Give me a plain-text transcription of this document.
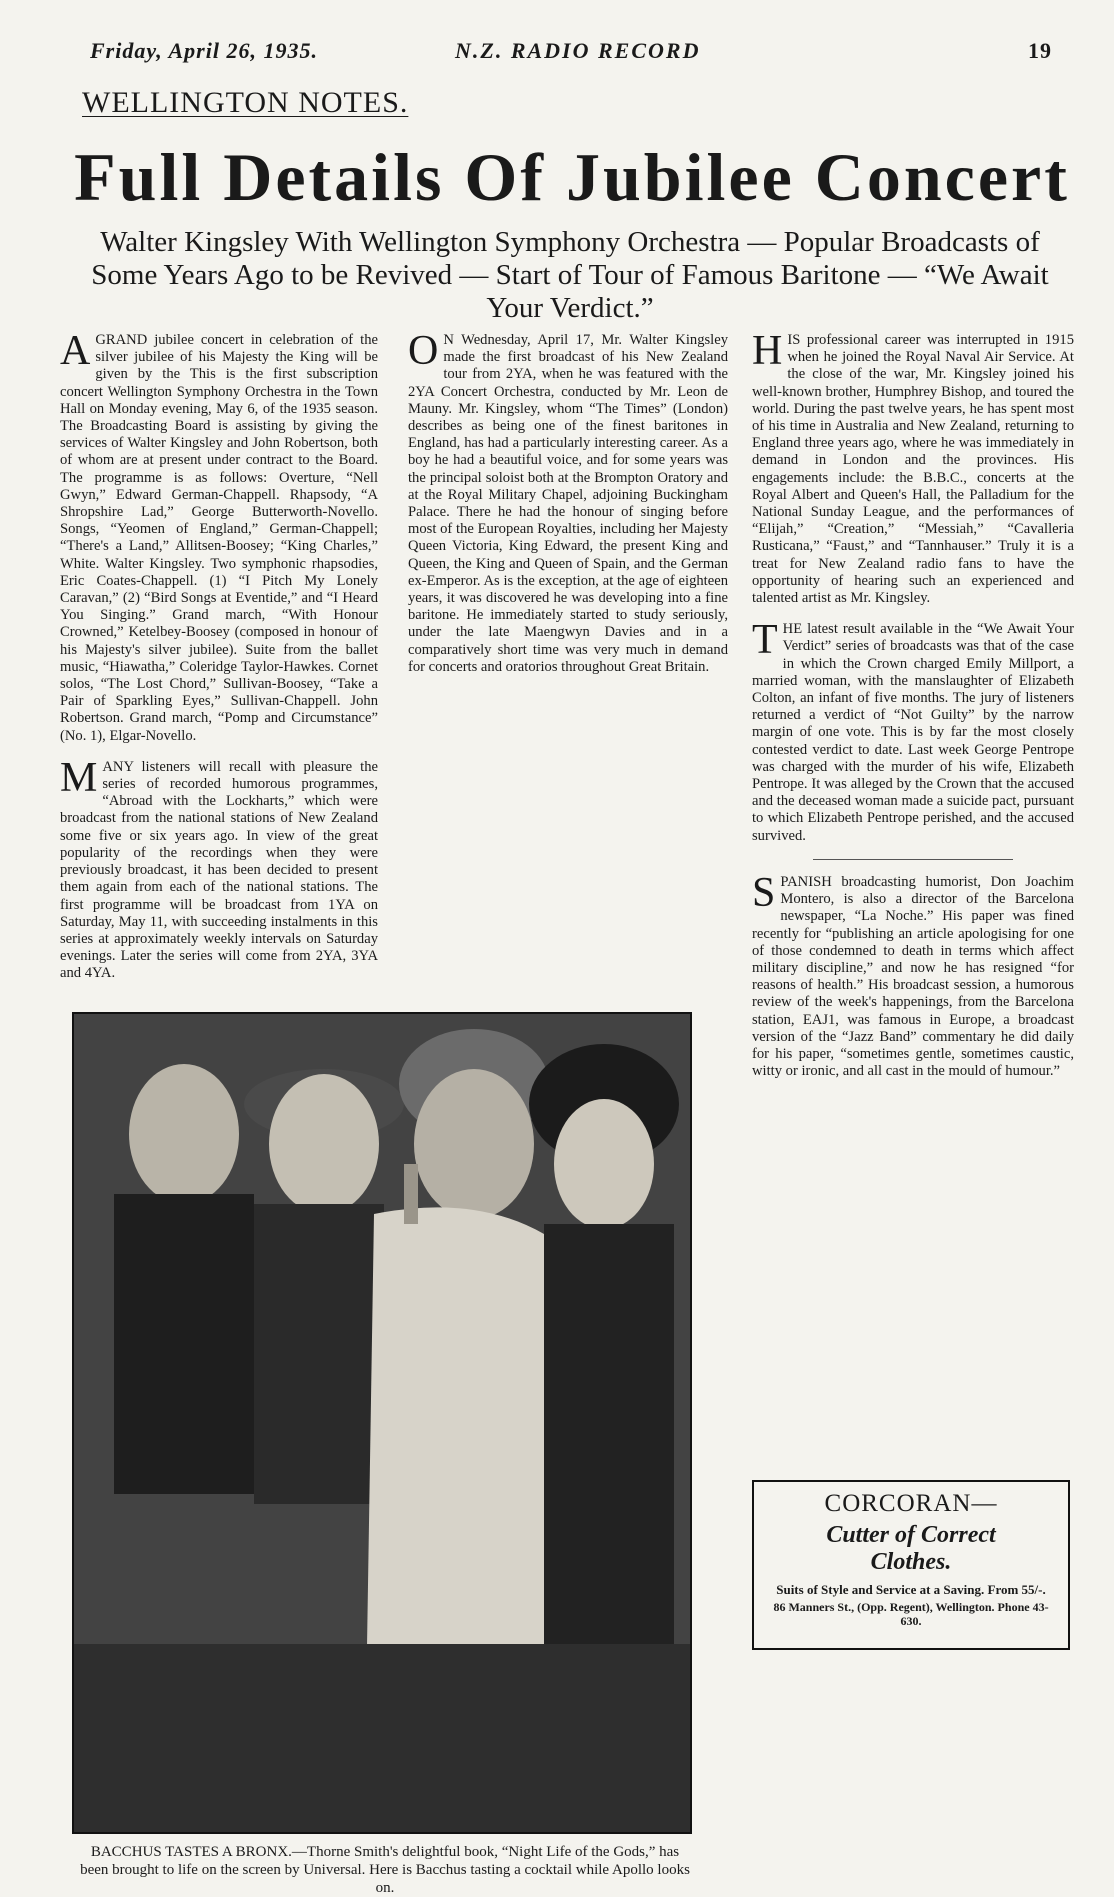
Friday, April 26, 1935.	N.Z. RADIO RECORD	19
WELLINGTON NOTES.
Full Details Of Jubilee Concert
Walter Kingsley With Wellington Symphony Orchestra — Popular Broadcasts of Some Years Ago to be Revived — Start of Tour of Famous Baritone — “We Await Your Verdict.”

AGRAND jubilee concert in celebration of the silver jubilee of his Majesty the King will be given by the This is the first subscription concert Wellington Symphony Orchestra in the Town Hall on Monday evening, May 6, of the 1935 season. The Broadcasting Board is assisting by giving the services of Walter Kingsley and John Robertson, both of whom are at present under contract to the Board. The programme is as follows: Overture, “Nell Gwyn,” Edward German-Chappell. Rhapsody, “A Shropshire Lad,” George Butterworth-Novello. Songs, “Yeomen of England,” German-Chappell; “There's a Land,” Allitsen-Boosey; “King Charles,” White. Walter Kingsley. Two symphonic rhapsodies, Eric Coates-Chappell. (1) “I Pitch My Lonely Caravan,” (2) “Bird Songs at Eventide,” and “I Heard You Singing.” Grand march, “With Honour Crowned,” Ketelbey-Boosey (composed in honour of his Majesty's silver jubilee). Suite from the ballet music, “Hiawatha,” Coleridge Taylor-Hawkes. Cornet solos, “The Lost Chord,” Sullivan-Boosey, “Take a Pair of Sparkling Eyes,” Sullivan-Chappell. John Robertson. Grand march, “Pomp and Circumstance” (No. 1), Elgar-Novello.

MANY listeners will recall with pleasure the series of recorded humorous programmes, “Abroad with the Lockharts,” which were broadcast from the national stations of New Zealand some five or six years ago. In view of the great popularity of the recordings when they were previously broadcast, it has been decided to present them again from each of the national stations. The first programme will be broadcast from 1YA on Saturday, May 11, with succeeding instalments in this series at approximately weekly intervals on Saturday evenings. Later the series will come from 2YA, 3YA and 4YA.

O N Wednesday, April 17, Mr. Walter Kingsley made the first broadcast of his New Zealand tour from 2YA, when he was featured with the 2YA Concert Orchestra, conducted by Mr. Leon de Mauny. Mr. Kingsley, whom “The Times” (London) describes as being one of the finest baritones in England, has had a particularly interesting career. As a boy he had a beautiful voice, and for some years was the principal soloist both at the Brompton Oratory and at the Royal Military Chapel, adjoining Buckingham Palace. There he had the honour of singing before most of the European Royalties, including her Majesty Queen Victoria, King Edward, the present King and Queen, the King and Queen of Spain, and the German ex-Emperor. As is the exception, at the age of eighteen years, it was discovered he was developing into a fine baritone. He immediately started to study seriously, under the late Maengwyn Davies and in a comparatively short time was very much in demand for concerts and oratorios throughout Great Britain.

HIS professional career was interrupted in 1915 when he joined the Royal Naval Air Service. At the close of the war, Mr. Kingsley joined his well-known brother, Humphrey Bishop, and toured the world. During the past twelve years, he has spent most of his time in Australia and New Zealand, returning to England three years ago, where he was immediately in demand in London and the provinces. His engagements include: the B.B.C., concerts at the Royal Albert and Queen's Hall, the Palladium for the National Sunday League, and the performances of “Elijah,” “Creation,” “Messiah,” “Cavalleria Rusticana,” “Faust,” and “Tannhauser.” Truly it is a treat for New Zealand radio fans to have the opportunity of hearing such an experienced and talented artist as Mr. Kingsley.

THE latest result available in the “We Await Your Verdict” series of broadcasts was that of the case in which the Crown charged Emily Millport, a married woman, with the manslaughter of Elizabeth Colton, an infant of five months. The jury of listeners returned a verdict of “Not Guilty” by the narrow margin of one vote. This is by far the most closely contested verdict to date. Last week George Pentrope was charged with the murder of his wife, Elizabeth Pentrope. It was alleged by the Crown that the accused and the deceased woman made a suicide pact, pursuant to which Elizabeth Pentrope perished, and the accused survived.

SPANISH broadcasting humorist, Don Joachim Montero, is also a director of the Barcelona newspaper, “La Noche.” His paper was fined recently for “publishing an article apologising for one of those condemned to death in terms which affect military discipline,” and now he has resigned “for reasons of health.” His broadcast session, a humorous review of the week's happenings, from the Barcelona station, EAJ1, was famous in Europe, a broadcast version of the “Jazz Band” commentary he did daily for his paper, “sometimes gentle, sometimes caustic, witty or ironic, and all cast in the mould of humour.”

BACCHUS TASTES A BRONX.—Thorne Smith's delightful book, “Night Life of the Gods,” has been brought to life on the screen by Universal. Here is Bacchus tasting a cocktail while Apollo looks on.
CORCORAN—
Cutter of Correct Clothes.
Suits of Style and Service at a Saving. From 55/-.
86 Manners St., (Opp. Regent), Wellington. Phone 43-630.
